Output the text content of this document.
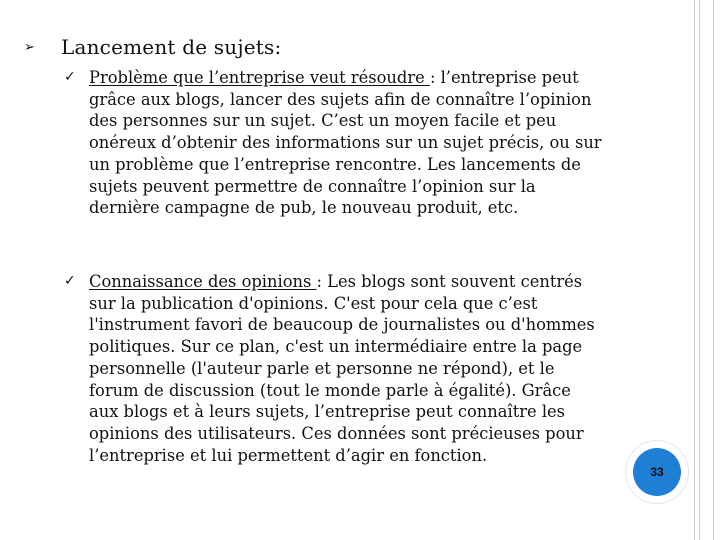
➢ Lancement de sujets:
✓ Problème que l’entreprise veut résoudre : l’entreprise peut grâce aux blogs, lancer des sujets afin de connaître l’opinion des personnes sur un sujet. C’est un moyen facile et peu onéreux d’obtenir des informations sur un sujet précis, ou sur un problème que l’entreprise rencontre. Les lancements de sujets peuvent permettre de connaître l’opinion sur la dernière campagne de pub, le nouveau produit, etc.
✓ Connaissance des opinions : Les blogs sont souvent centrés sur la publication d'opinions. C'est pour cela que c’est l'instrument favori de beaucoup de journalistes ou d'hommes politiques. Sur ce plan, c'est un intermédiaire entre la page personnelle (l'auteur parle et personne ne répond), et le forum de discussion (tout le monde parle à égalité). Grâce aux blogs et à leurs sujets, l’entreprise peut connaître les opinions des utilisateurs. Ces données sont précieuses pour l’entreprise et lui permettent d’agir en fonction.
33
